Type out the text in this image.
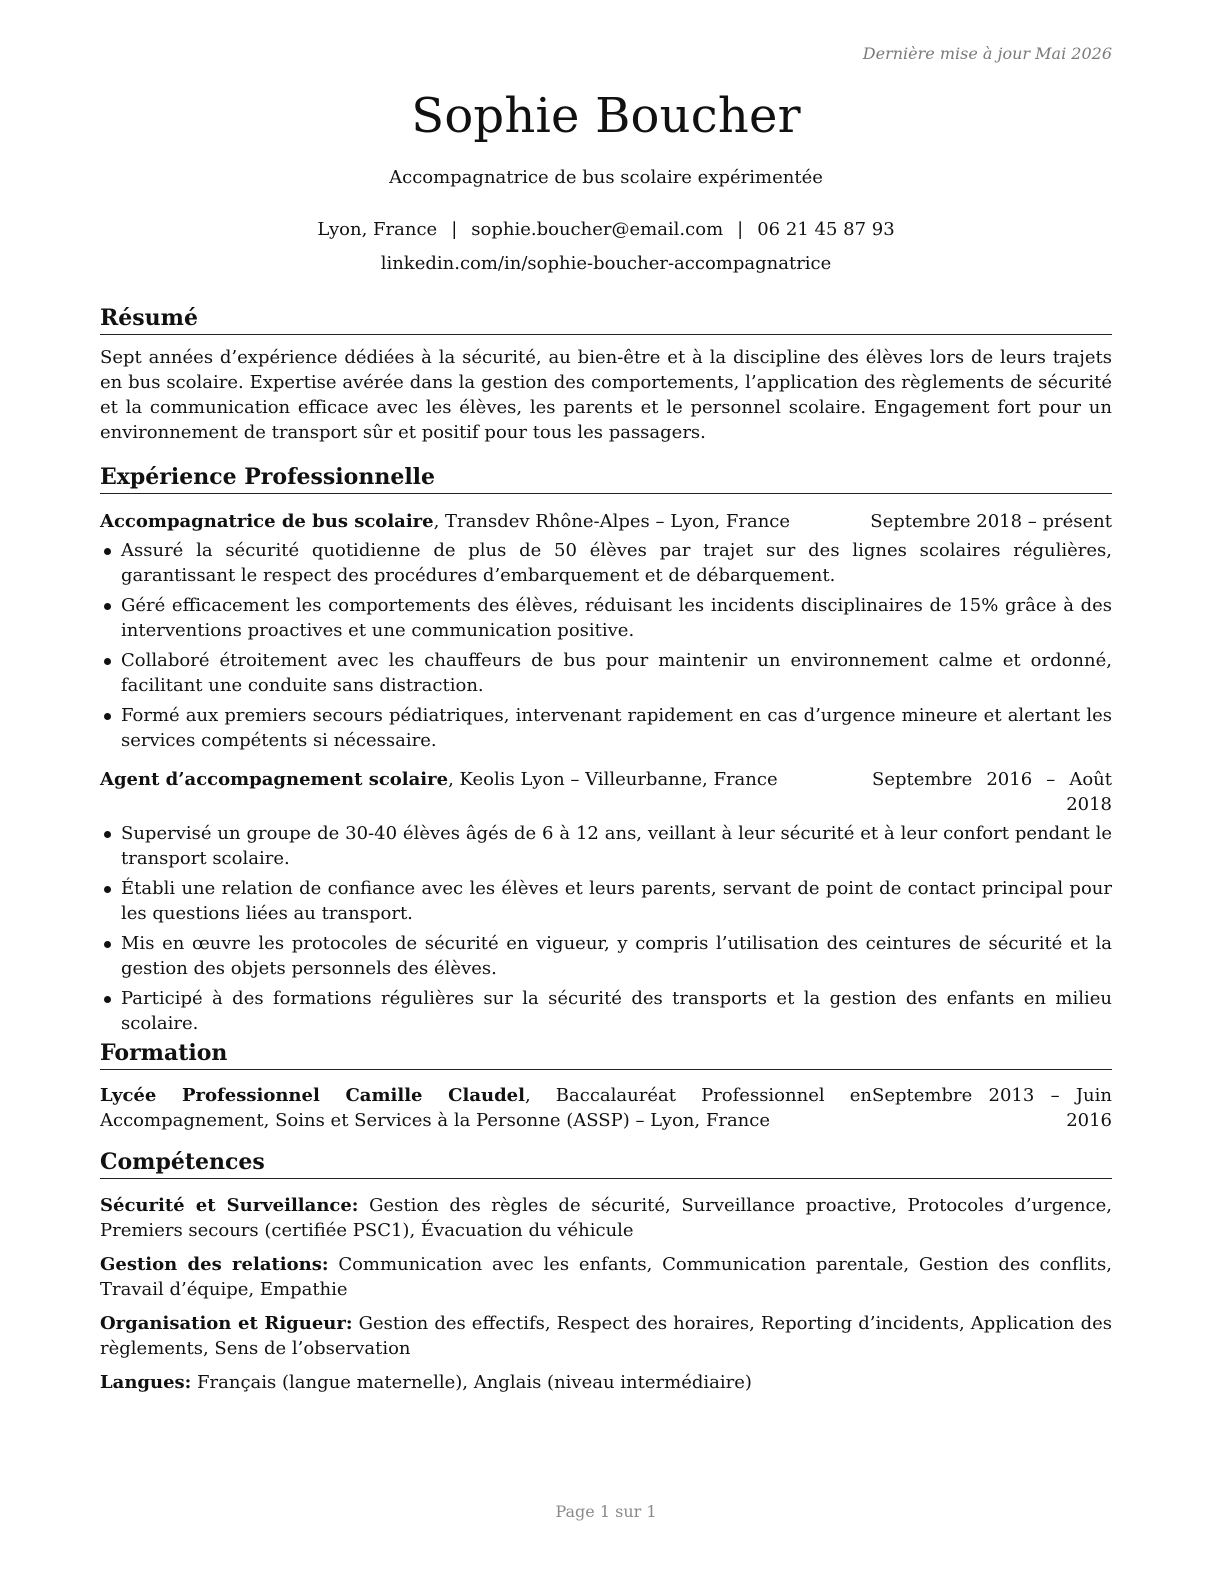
Dernière mise à jour Mai 2026

Sophie Boucher

Accompagnatrice de bus scolaire expérimentée

Lyon, France | sophie.boucher@email.com | 06 21 45 87 93

linkedin.com/in/sophie-boucher-accompagnatrice

Résumé

Sept années d’expérience dédiées à la sécurité, au bien-être et à la discipline des élèves lors de leurs trajets en bus scolaire. Expertise avérée dans la gestion des comportements, l’application des règlements de sécurité et la communication efficace avec les élèves, les parents et le personnel scolaire. Engagement fort pour un environnement de transport sûr et positif pour tous les passagers.

Expérience Professionnelle
Accompagnatrice de bus scolaire, Transdev Rhône-Alpes – Lyon, France	Septembre 2018 – présent
Assuré la sécurité quotidienne de plus de 50 élèves par trajet sur des lignes scolaires régulières, garantissant le respect des procédures d’embarquement et de débarquement.
Géré efficacement les comportements des élèves, réduisant les incidents disciplinaires de 15% grâce à des interventions proactives et une communication positive.
Collaboré étroitement avec les chauffeurs de bus pour maintenir un environnement calme et ordonné, facilitant une conduite sans distraction.
Formé aux premiers secours pédiatriques, intervenant rapidement en cas d’urgence mineure et alertant les services compétents si nécessaire.
Agent d’accompagnement scolaire, Keolis Lyon – Villeurbanne, France	Septembre 2016 – Août 2018
Supervisé un groupe de 30-40 élèves âgés de 6 à 12 ans, veillant à leur sécurité et à leur confort pendant le transport scolaire.
Établi une relation de confiance avec les élèves et leurs parents, servant de point de contact principal pour les questions liées au transport.
Mis en œuvre les protocoles de sécurité en vigueur, y compris l’utilisation des ceintures de sécurité et la gestion des objets personnels des élèves.
Participé à des formations régulières sur la sécurité des transports et la gestion des enfants en milieu scolaire.
Formation
Lycée Professionnel Camille Claudel, Baccalauréat Professionnel en Accompagnement, Soins et Services à la Personne (ASSP) – Lyon, France
Septembre 2013 – Juin 2016
Compétences

Sécurité et Surveillance: Gestion des règles de sécurité, Surveillance proactive, Protocoles d’urgence, Premiers secours (certifiée PSC1), Évacuation du véhicule

Gestion des relations: Communication avec les enfants, Communication parentale, Gestion des conflits, Travail d’équipe, Empathie

Organisation et Rigueur: Gestion des effectifs, Respect des horaires, Reporting d’incidents, Application des règlements, Sens de l’observation

Langues: Français (langue maternelle), Anglais (niveau intermédiaire)

Page 1 sur 1
